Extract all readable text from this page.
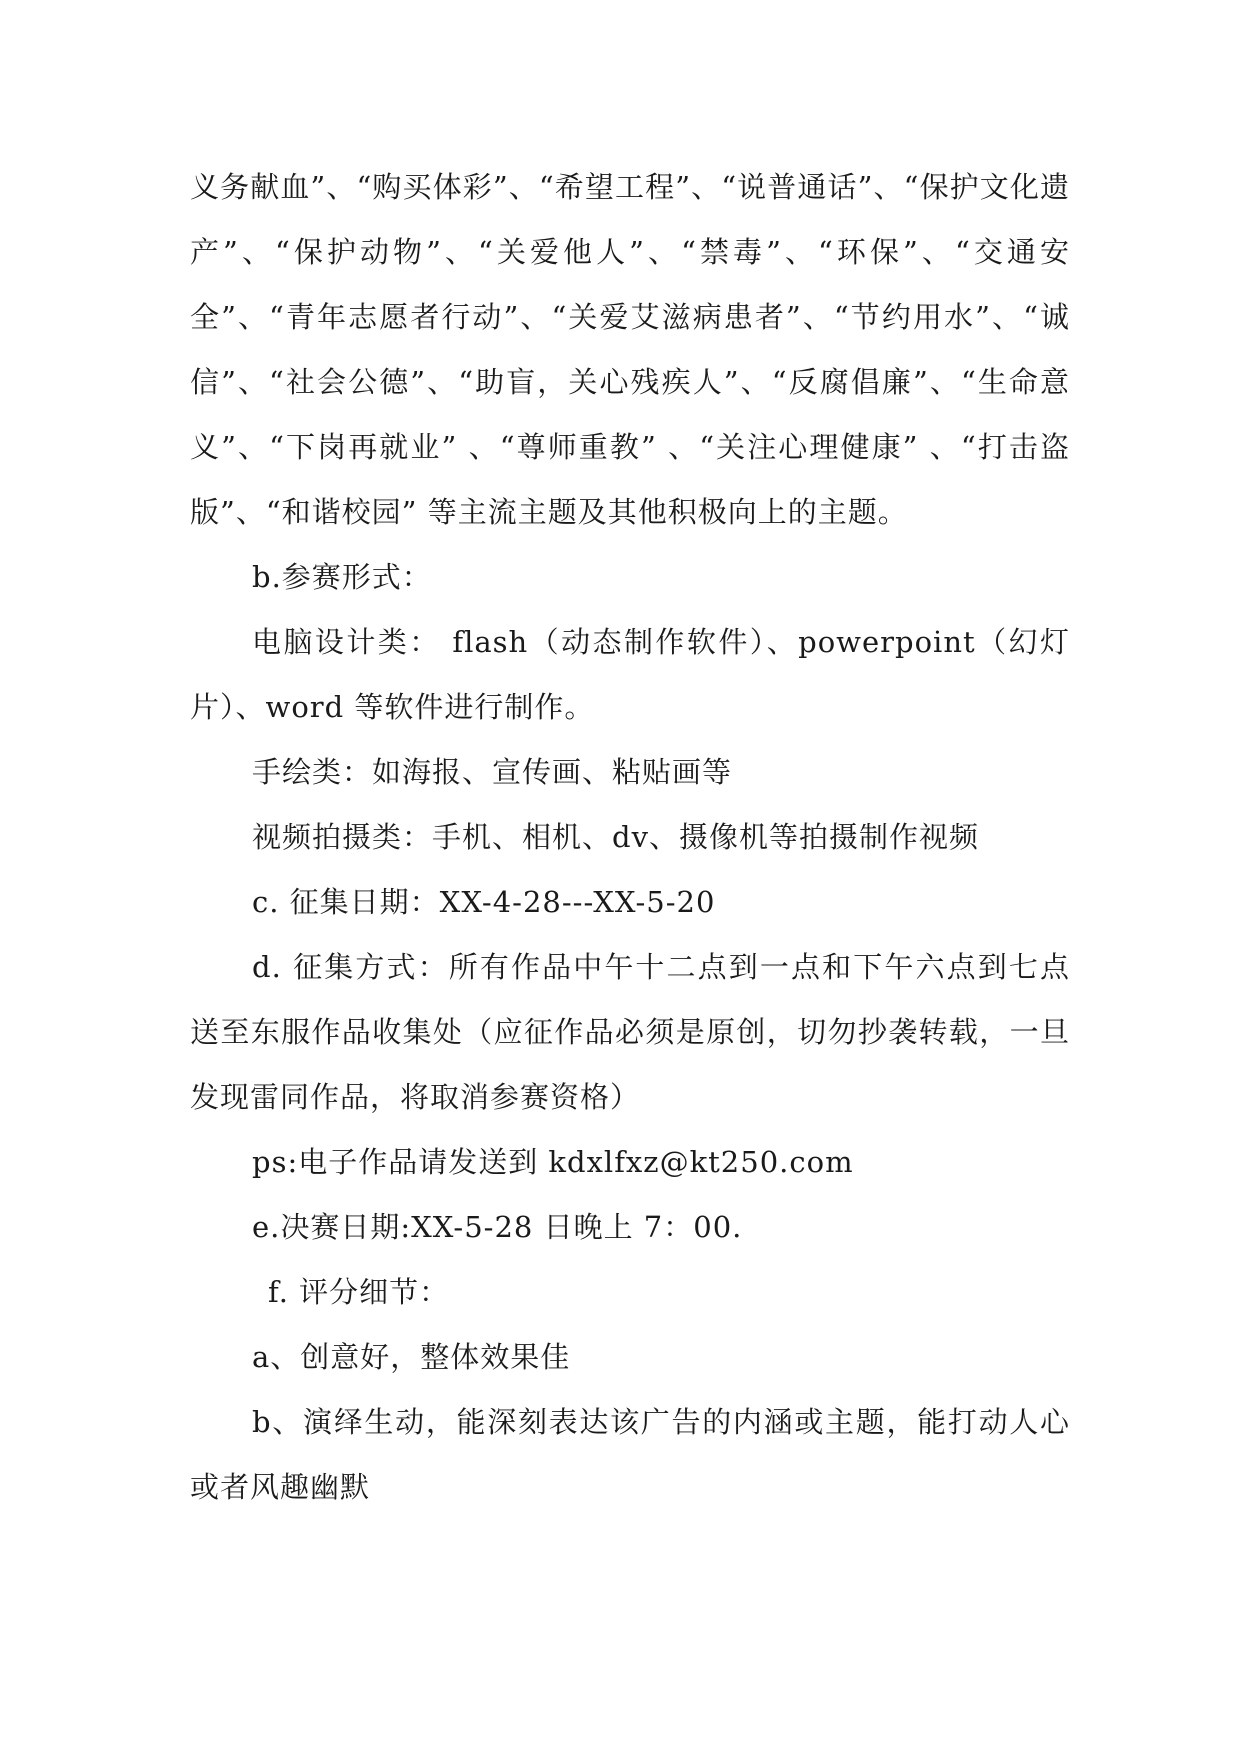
义务献血”、“购买体彩”、“希望工程”、“说普通话”、“保护文化遗产”、“保护动物”、“关爱他人”、“禁毒”、“环保”、“交通安全”、“青年志愿者行动”、“关爱艾滋病患者”、“节约用水”、“诚信”、“社会公德”、“助盲，关心残疾人”、“反腐倡廉”、“生命意义”、“下岗再就业” 、“尊师重教” 、“关注心理健康” 、“打击盗版”、“和谐校园” 等主流主题及其他积极向上的主题。

b.参赛形式：

电脑设计类： flash（动态制作软件）、powerpoint（幻灯片）、word 等软件进行制作。

手绘类：如海报、宣传画、粘贴画等

视频拍摄类：手机、相机、dv、摄像机等拍摄制作视频

c. 征集日期：XX-4-28---XX-5-20

d. 征集方式：所有作品中午十二点到一点和下午六点到七点送至东服作品收集处（应征作品必须是原创，切勿抄袭转载，一旦发现雷同作品，将取消参赛资格）

ps:电子作品请发送到 kdxlfxz@kt250.com

e.决赛日期:XX-5-28 日晚上 7：00.

f. 评分细节：

a、创意好，整体效果佳

b、演绎生动，能深刻表达该广告的内涵或主题，能打动人心或者风趣幽默
